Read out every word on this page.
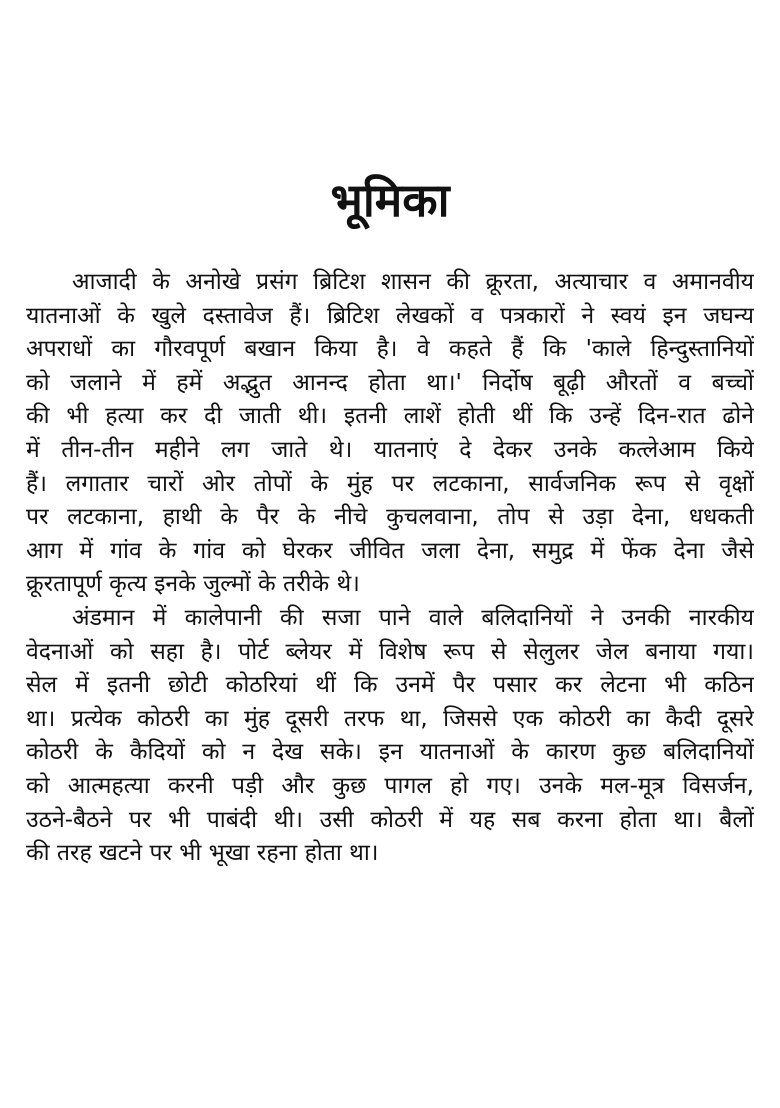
भूमिका
आजादी के अनोखे प्रसंग ब्रिटिश शासन की क्रूरता, अत्याचार व अमानवीय
यातनाओं के खुले दस्तावेज हैं। ब्रिटिश लेखकों व पत्रकारों ने स्वयं इन जघन्य
अपराधों का गौरवपूर्ण बखान किया है। वे कहते हैं कि 'काले हिन्दुस्तानियों
को जलाने में हमें अद्भुत आनन्द होता था।' निर्दोष बूढ़ी औरतों व बच्चों
की भी हत्या कर दी जाती थी। इतनी लाशें होती थीं कि उन्हें दिन-रात ढोने
में तीन-तीन महीने लग जाते थे। यातनाएं दे देकर उनके कत्लेआम किये
हैं। लगातार चारों ओर तोपों के मुंह पर लटकाना, सार्वजनिक रूप से वृक्षों
पर लटकाना, हाथी के पैर के नीचे कुचलवाना, तोप से उड़ा देना, धधकती
आग में गांव के गांव को घेरकर जीवित जला देना, समुद्र में फेंक देना जैसे
क्रूरतापूर्ण कृत्य इनके जुल्मों के तरीके थे।
अंडमान में कालेपानी की सजा पाने वाले बलिदानियों ने उनकी नारकीय
वेदनाओं को सहा है। पोर्ट ब्लेयर में विशेष रूप से सेलुलर जेल बनाया गया।
सेल में इतनी छोटी कोठरियां थीं कि उनमें पैर पसार कर लेटना भी कठिन
था। प्रत्येक कोठरी का मुंह दूसरी तरफ था, जिससे एक कोठरी का कैदी दूसरे
कोठरी के कैदियों को न देख सके। इन यातनाओं के कारण कुछ बलिदानियों
को आत्महत्या करनी पड़ी और कुछ पागल हो गए। उनके मल-मूत्र विसर्जन,
उठने-बैठने पर भी पाबंदी थी। उसी कोठरी में यह सब करना होता था। बैलों
की तरह खटने पर भी भूखा रहना होता था।
